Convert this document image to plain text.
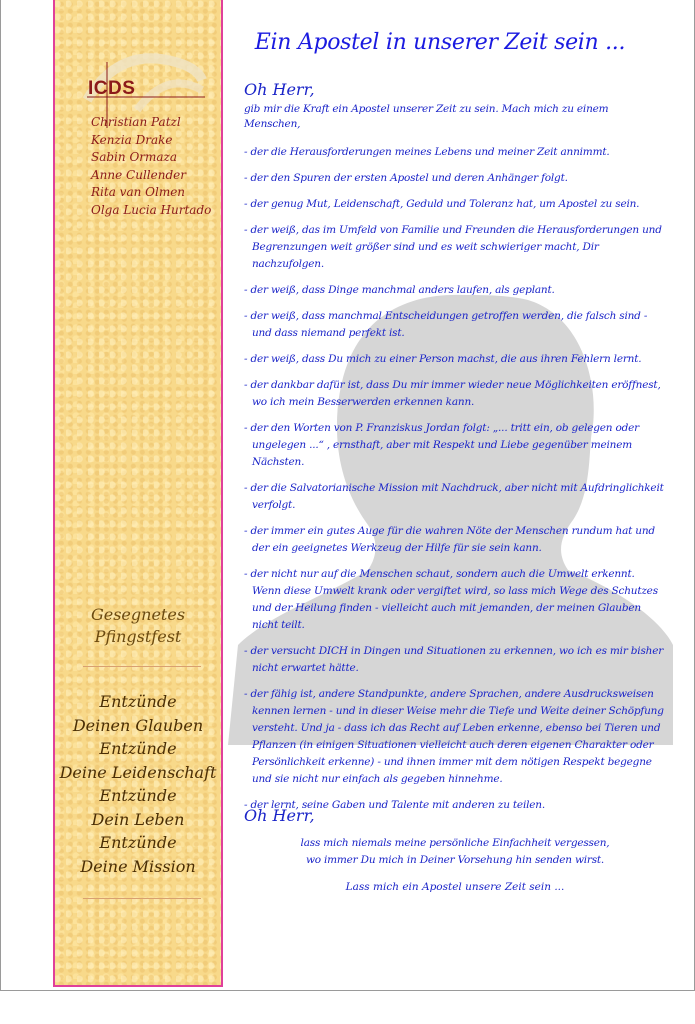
ICDS
Christian Patzl
Kenzia Drake
Sabin Ormaza
Anne Cullender
Rita van Olmen
Olga Lucia Hurtado
Gesegnetes
Pfingstfest
Entzünde
Deinen Glauben
Entzünde
Deine Leidenschaft
Entzünde
Dein Leben
Entzünde
Deine Mission
Ein Apostel in unserer Zeit sein ...
Oh Herr,
gib mir die Kraft ein Apostel unserer Zeit zu sein. Mach mich zu einem Menschen,
- der die Herausforderungen meines Lebens und meiner Zeit annimmt.
- der den Spuren der ersten Apostel und deren Anhänger folgt.
- der genug Mut, Leidenschaft, Geduld und Toleranz hat, um Apostel zu sein.
- der weiß, das im Umfeld von Familie und Freunden die Herausforderungen und Begrenzungen weit größer sind und es weit schwieriger macht, Dir nachzufolgen.
- der weiß, dass Dinge manchmal anders laufen, als geplant.
- der weiß, dass manchmal Entscheidungen getroffen werden, die falsch sind - und dass niemand perfekt ist.
- der weiß, dass Du mich zu einer Person machst, die aus ihren Fehlern lernt.
- der dankbar dafür ist, dass Du mir immer wieder neue Möglichkeiten eröffnest, wo ich mein Besserwerden erkennen kann.
- der den Worten von P. Franziskus Jordan folgt: „... tritt ein, ob gelegen oder ungelegen ...“ , ernsthaft, aber mit Respekt und Liebe gegenüber meinem Nächsten.
- der die Salvatorianische Mission mit Nachdruck, aber nicht mit Aufdringlichkeit verfolgt.
- der immer ein gutes Auge für die wahren Nöte der Menschen rundum hat und der ein geeignetes Werkzeug der Hilfe für sie sein kann.
- der nicht nur auf die Menschen schaut, sondern auch die Umwelt erkennt. Wenn diese Umwelt krank oder vergiftet wird, so lass mich Wege des Schutzes und der Heilung finden - vielleicht auch mit jemanden, der meinen Glauben nicht teilt.
- der versucht DICH in Dingen und Situationen zu erkennen, wo ich es mir bisher nicht erwartet hätte.
- der fähig ist, andere Standpunkte, andere Sprachen, andere Ausdrucksweisen kennen lernen - und in dieser Weise mehr die Tiefe und Weite deiner Schöpfung versteht. Und ja - dass ich das Recht auf Leben erkenne, ebenso bei Tieren und Pflanzen (in einigen Situationen vielleicht auch deren eigenen Charakter oder Persönlichkeit erkenne) - und ihnen immer mit dem nötigen Respekt begegne und sie nicht nur einfach als gegeben hinnehme.
- der lernt, seine Gaben und Talente mit anderen zu teilen.
Oh Herr,
lass mich niemals meine persönliche Einfachheit vergessen,
wo immer Du mich in Deiner Vorsehung hin senden wirst.
Lass mich ein Apostel unsere Zeit sein ...
